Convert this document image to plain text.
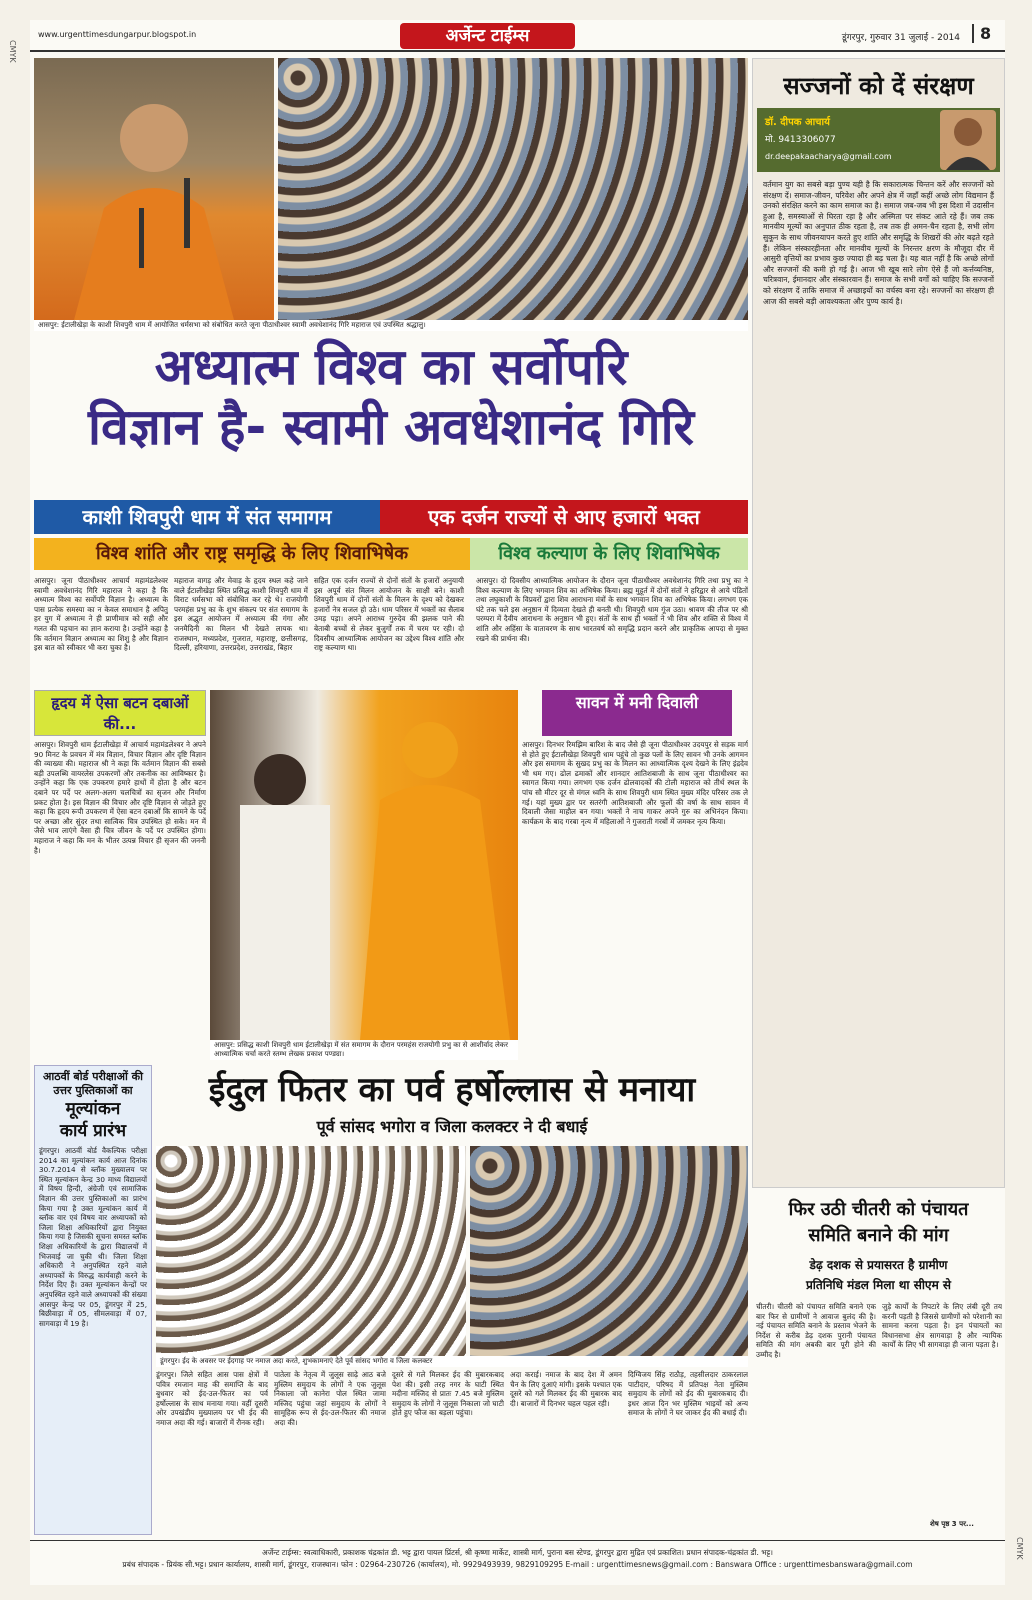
CMYK
CMYK
www.urgenttimesdungarpur.blogspot.in	अर्जेन्ट टाईम्स	डूंगरपुर, गुरुवार 31 जुलाई - 2014	8
आसपुर: ईटालीखेड़ा के काशी शिवपुरी धाम में आयोजित धर्मसभा को संबोधित करते जूना पीठाधीश्वर स्वामी अवधेशानंद गिरि महाराज एवं उपस्थित श्रद्धालु।
अध्यात्म विश्व का सर्वोपरि
विज्ञान है- स्वामी अवधेशानंद गिरि
काशी शिवपुरी धाम में संत समागम	एक दर्जन राज्यों से आए हजारों भक्त
विश्व शांति और राष्ट्र समृद्धि के लिए शिवाभिषेक	विश्व कल्याण के लिए शिवाभिषेक
आसपुर। जूना पीठाधीश्वर आचार्य महामंडलेश्वर स्वामी अवधेशानंद गिरि महाराज ने कहा है कि अध्यात्म विश्व का सर्वोपरि विज्ञान है। अध्यात्म के पास प्रत्येक समस्या का न केवल समाधान है अपितु हर युग में अध्यात्म ने ही प्राणीमात्र को सही और गलत की पहचान का ज्ञान कराया है। उन्होंने कहा है कि वर्तमान विज्ञान अध्यात्म का शिशु है और विज्ञान इस बात को स्वीकार भी करा चुका है।
महाराज वागड़ और मेवाड़ के हृदय स्थल कहे जाने वाले ईटालीखेड़ा स्थित प्रसिद्ध काशी शिवपुरी धाम में विराट धर्मसभा को संबोधित कर रहे थे। राजयोगी परमहंस प्रभु का के शुभ संकल्प पर संत समागम के इस अद्भुत आयोजन में अध्यात्म की गंगा और जनमैदिनी का मिलन भी देखते लायक था। राजस्थान, मध्यप्रदेश, गुजरात, महाराष्ट्र, छत्तीसगढ़, दिल्ली, हरियाणा, उत्तरप्रदेश, उत्तराखंड, बिहार
सहित एक दर्जन राज्यों से दोनों संतों के हजारों अनुयायी इस अपूर्व संत मिलन आयोजन के साक्षी बने। काशी शिवपुरी धाम में दोनों संतों के मिलन के दृश्य को देखकर हजारों नेत्र सजल हो उठे। धाम परिसर में भक्तों का सैलाब उमड़ पड़ा। अपने आराध्य गुरुदेव की झलक पाने की बेताबी बच्चों से लेकर बुजुर्गों तक में चरम पर रही। दो दिवसीय आध्यात्मिक आयोजन का उद्देश्य विश्व शांति और राष्ट्र कल्याण था।
आसपुर। दो दिवसीय आध्यात्मिक आयोजन के दौरान जूना पीठाधीश्वर अवधेशानंद गिरि तथा प्रभु का ने विश्व कल्याण के लिए भगवान शिव का अभिषेक किया। ब्रह्म मुहूर्त में दोनों संतों ने हरिद्वार से आये पंडितों तथा लघुकाशी के विप्रवरों द्वारा शिव आराधना मंत्रों के साथ भगवान शिव का अभिषेक किया। लगभग एक घंटे तक चले इस अनुष्ठान में दिव्यता देखते ही बनती थी। शिवपुरी धाम गूंज उठा। श्रावण की तीज पर श्री परम्परा में दैवीय आराधना के अनुष्ठान भी हुए। संतों के साथ ही भक्तों ने भी शिव और शक्ति से विश्व में शांति और अहिंसा के वातावरण के साथ भारतवर्ष को समृद्धि प्रदान करने और प्राकृतिक आपदा से मुक्त रखने की प्रार्थना की।
हृदय में ऐसा बटन दबाओं की...
आसपुर। शिवपुरी धाम ईटालीखेड़ा में आचार्य महामंडलेश्वर ने अपने 90 मिनट के प्रवचन में मंत्र विज्ञान, विचार विज्ञान और दृष्टि विज्ञान की व्याख्या की। महाराज श्री ने कहा कि वर्तमान विज्ञान की सबसे बड़ी उपलब्धि वायरलेस उपकरणों और तकनीक का आविष्कार है। उन्होंने कहा कि एक उपकरण हमारे हाथों में होता है और बटन दबाने पर पर्दे पर अलग-अलग चलचित्रों का सृजन और निर्माण प्रकट होता है। इस विज्ञान की विचार और दृष्टि विज्ञान से जोड़ते हुए कहा कि हृदय रूपी उपकरण में ऐसा बटन दबाओं कि सामने के पर्दे पर अच्छा और सुंदर तथा सात्विक चित्र उपस्थित हो सके। मन में जैसे भाव लाएंगे वैसा ही चित्र जीवन के पर्दे पर उपस्थित होगा। महाराज ने कहा कि मन के भीतर उत्पन्न विचार ही सृजन की जननी है।
आसपुर: प्रसिद्ध काशी शिवपुरी धाम ईटालीखेड़ा में संत समागम के दौरान परमहंस राजयोगी प्रभु का से आशीर्वाद लेकर आध्यात्मिक चर्चा करते स्तम्भ लेखक प्रकाश पण्ड्या।
सावन में मनी दिवाली
आसपुर। दिनभर रिमझिम बारिश के बाद जैसे ही जूना पीठाधीश्वर उदयपुर से सड़क मार्ग से होते हुए ईटालीखेड़ा शिवपुरी धाम पहुंचे तो कुछ पलों के लिए सावन भी उनके आगमन और इस समागम के सुखद प्रभु का के मिलन का आध्यात्मिक दृश्य देखने के लिए इंद्रदेव भी थम गए। ढोल ढमाकों और शानदार आतिशबाजी के साथ जूना पीठाधीश्वर का स्वागत किया गया। लगभग एक दर्जन ढोलवादकों की टोली महाराज को तीर्थ स्थल के पांच सौ मीटर दूर से मंगल ध्वनि के साथ शिवपुरी धाम स्थित मुख्य मंदिर परिसर तक ले गई। यहां मुख्य द्वार पर सतरंगी आतिशबाजी और फूलों की वर्षा के साथ सावन में दिवाली जैसा माहौल बन गया। भक्तों ने नाच गाकर अपने गुरु का अभिनंदन किया। कार्यक्रम के बाद गरबा नृत्य में महिलाओं ने गुजराती गरबों में जमकर नृत्य किया।
आठवीं बोर्ड परीक्षाओं की
उत्तर पुस्तिकाओं का
मूल्यांकन
कार्य प्रारंभ
डूंगरपुर। आठवीं बोर्ड वैकल्पिक परीक्षा 2014 का मूल्यांकन कार्य आज दिनांक 30.7.2014 से ब्लॉक मुख्यालय पर स्थित मूल्यांकन केन्द्र 30 माध्य विद्यालयों में विषय हिन्दी, अंग्रेजी एवं सामाजिक विज्ञान की उत्तर पुस्तिकाओं का प्रारंभ किया गया है उक्त मूल्यांकन कार्य में ब्लॉक वार एवं विषय वार अध्यापकों को जिला शिक्षा अधिकारियों द्वारा नियुक्त किया गया है जिसकी सूचना समस्त ब्लॉक शिक्षा अधिकारियों के द्वारा विद्यालयों में भिजवाई जा चुकी थी। जिला शिक्षा अधिकारी ने अनुपस्थित रहने वाले अध्यापकों के विरुद्ध कार्यवाही करने के निर्देश दिए हैं। उक्त मूल्यांकन केन्द्रों पर अनुपस्थित रहने वाले अध्यापकों की संख्या आसपुर केन्द्र पर 05, डूंगरपुर में 25, बिछीवाड़ा में 05, सीमलवाड़ा में 07, सागवाड़ा में 19 है।
ईदुल फितर का पर्व हर्षोल्लास से मनाया
पूर्व सांसद भगोरा व जिला कलक्टर ने दी बधाई
डूंगरपुर। ईद के अवसर पर ईदगाह पर नमाज अदा करते, शुभकामनाएं देते पूर्व सांसद भगोरा व जिला कलक्टर
डूंगरपुर। जिले सहित आस पास क्षेत्रों में पवित्र रमजान माह की समाप्ति के बाद बुधवार को ईद-उल-फितर का पर्व हर्षोल्लास के साथ मनाया गया। वहीं दूसरी ओर उपखंडीय मुख्यालय पर भी ईद की नमाज अदा की गई। बाजारों में रौनक रही।
पातेला के नेतृत्व में जुलूस साढ़े आठ बजे मुस्लिम समुदाय के लोगों ने एक जुलूस निकाला जो कानेरा पोल स्थित जामा मस्जिद पहुंचा जहां समुदाय के लोगों ने सामूहिक रूप से ईद-उल-फितर की नमाज अदा की।
दूसरे से गले मिलकर ईद की मुबारकबाद पेश की। इसी तरह नगर के घाटी स्थित मदीना मस्जिद से प्रातः 7.45 बजे मुस्लिम समुदाय के लोगों ने जुलूस निकाला जो घाटी होते हुए फौज का बड़ला पहुंचा।
अदा कराई। नमाज के बाद देश में अमन चैन के लिए दुआएं मांगी। इसके पश्चात एक दूसरे को गले मिलकर ईद की मुबारक बाद दी। बाजारों में दिनभर चहल पहल रही।
दिग्विजय सिंह राठौड़, तहसीलदार ठाकरलाल पाटीदार, परिषद में प्रतिपक्ष नेता मुस्लिम समुदाय के लोगों को ईद की मुबारकबाद दी। इधर आज दिन भर मुस्लिम भाइयों को अन्य समाज के लोगों ने घर जाकर ईद की बधाई दी।
सज्जनों को दें संरक्षण
डॉ. दीपक आचार्य
मो. 9413306077
dr.deepakaacharya@gmail.com
वर्तमान युग का सबसे बड़ा पुण्य यही है कि सकारात्मक चिन्तन करें और सज्जनों को संरक्षण दें। समाज-जीवन, परिवेश और अपने क्षेत्र में जहाँ कहीं अच्छे लोग विद्यमान हैं उनको संरक्षित करने का काम समाज का है। समाज जब-जब भी इस दिशा में उदासीन हुआ है, समस्याओं से घिरता रहा है और अस्मिता पर संकट आते रहे हैं। जब तक मानवीय मूल्यों का अनुपात ठीक रहता है, तब तक ही अमन-चैन रहता है, सभी लोग सुकून के साथ जीवनयापन करते हुए शांति और समृद्धि के शिखरों की ओर बढ़ते रहते हैं। लेकिन संस्कारहीनता और मानवीय मूल्यों के निरन्तर क्षरण के मौजूदा दौर में आसुरी वृत्तियों का प्रभाव कुछ ज्यादा ही बढ़ चला है। यह बात नहीं है कि अच्छे लोगों और सज्जनों की कमी हो गई है। आज भी खूब सारे लोग ऐसे हैं जो कर्त्तव्यनिष्ठ, चरित्रवान, ईमानदार और संस्कारवान हैं। समाज के सभी वर्गों को चाहिए कि सज्जनों को संरक्षण दें ताकि समाज में अच्छाइयों का वर्चस्व बना रहे। सज्जनों का संरक्षण ही आज की सबसे बड़ी आवश्यकता और पुण्य कार्य है।
फिर उठी चीतरी को पंचायत
समिति बनाने की मांग
डेढ़ दशक से प्रयासरत है ग्रामीण
प्रतिनिधि मंडल मिला था सीएम से
चीतरी। चीतरी को पंचायत समिति बनाने एक बार फिर से ग्रामीणों ने आवाज बुलंद की है। नई पंचायत समिति बनाने के प्रस्ताव भेजने के निर्देश से करीब डेढ़ दशक पुरानी पंचायत समिति की मांग अबकी बार पूरी होने की उम्मीद है।
जुड़े कार्यों के निपटारे के लिए लंबी दूरी तय करनी पड़ती है जिससे ग्रामीणों को परेशानी का सामना करना पड़ता है। इन पंचायतों का विधानसभा क्षेत्र सागवाड़ा है और न्यायिक कार्यों के लिए भी सागवाड़ा ही जाना पड़ता है।
शेष पृष्ठ 3 पर...
अर्जेन्ट टाईम्स: स्वत्वाधिकारी, प्रकाशक चंद्रकांत डी. भट्ट द्वारा पायल प्रिंटर्स, श्री कृष्णा मार्केट, शास्त्री मार्ग, पुराना बस स्टेण्ड, डूंगरपुर द्वारा मुद्रित एवं प्रकाशित। प्रधान संपादक-चंद्रकांत डी. भट्ट।
प्रबंध संपादक - प्रियंक सी.भट्ट। प्रधान कार्यालय, शास्त्री मार्ग, डूंगरपुर, राजस्थान। फोन : 02964-230726 (कार्यालय), मो. 9929493939, 9829109295 E-mail : urgenttimesnews@gmail.com : Banswara Office : urgenttimesbanswara@gmail.com
